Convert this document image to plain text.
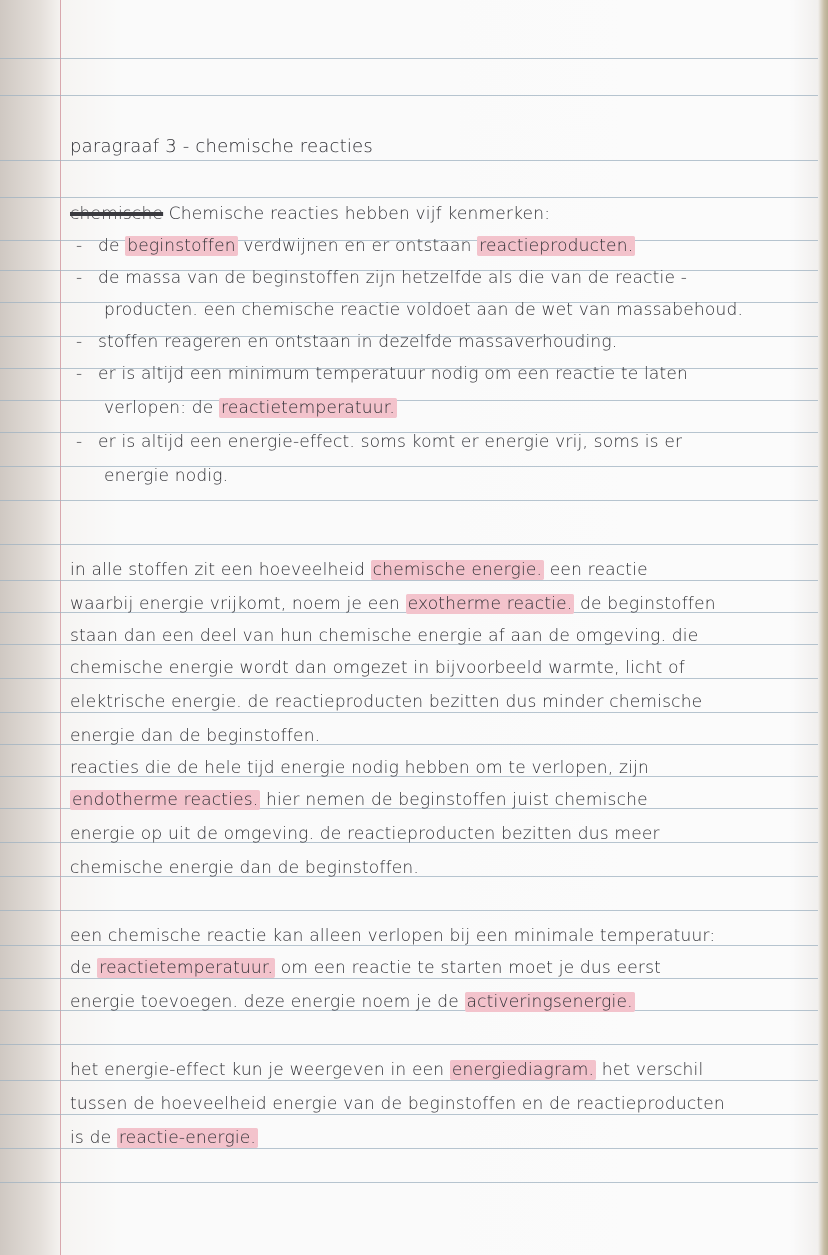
paragraaf 3 - chemische reacties
chemische Chemische reacties hebben vijf kenmerken:
- de beginstoffen verdwijnen en er ontstaan reactieproducten.
- de massa van de beginstoffen zijn hetzelfde als die van de reactie -
producten. een chemische reactie voldoet aan de wet van massabehoud.
- stoffen reageren en ontstaan in dezelfde massaverhouding.
- er is altijd een minimum temperatuur nodig om een reactie te laten
verlopen: de reactietemperatuur.
- er is altijd een energie-effect. soms komt er energie vrij, soms is er
energie nodig.
in alle stoffen zit een hoeveelheid chemische energie. een reactie
waarbij energie vrijkomt, noem je een exotherme reactie. de beginstoffen
staan dan een deel van hun chemische energie af aan de omgeving. die
chemische energie wordt dan omgezet in bijvoorbeeld warmte, licht of
elektrische energie. de reactieproducten bezitten dus minder chemische
energie dan de beginstoffen.
reacties die de hele tijd energie nodig hebben om te verlopen, zijn
endotherme reacties. hier nemen de beginstoffen juist chemische
energie op uit de omgeving. de reactieproducten bezitten dus meer
chemische energie dan de beginstoffen.
een chemische reactie kan alleen verlopen bij een minimale temperatuur:
de reactietemperatuur. om een reactie te starten moet je dus eerst
energie toevoegen. deze energie noem je de activeringsenergie.
het energie-effect kun je weergeven in een energiediagram. het verschil
tussen de hoeveelheid energie van de beginstoffen en de reactieproducten
is de reactie-energie.
